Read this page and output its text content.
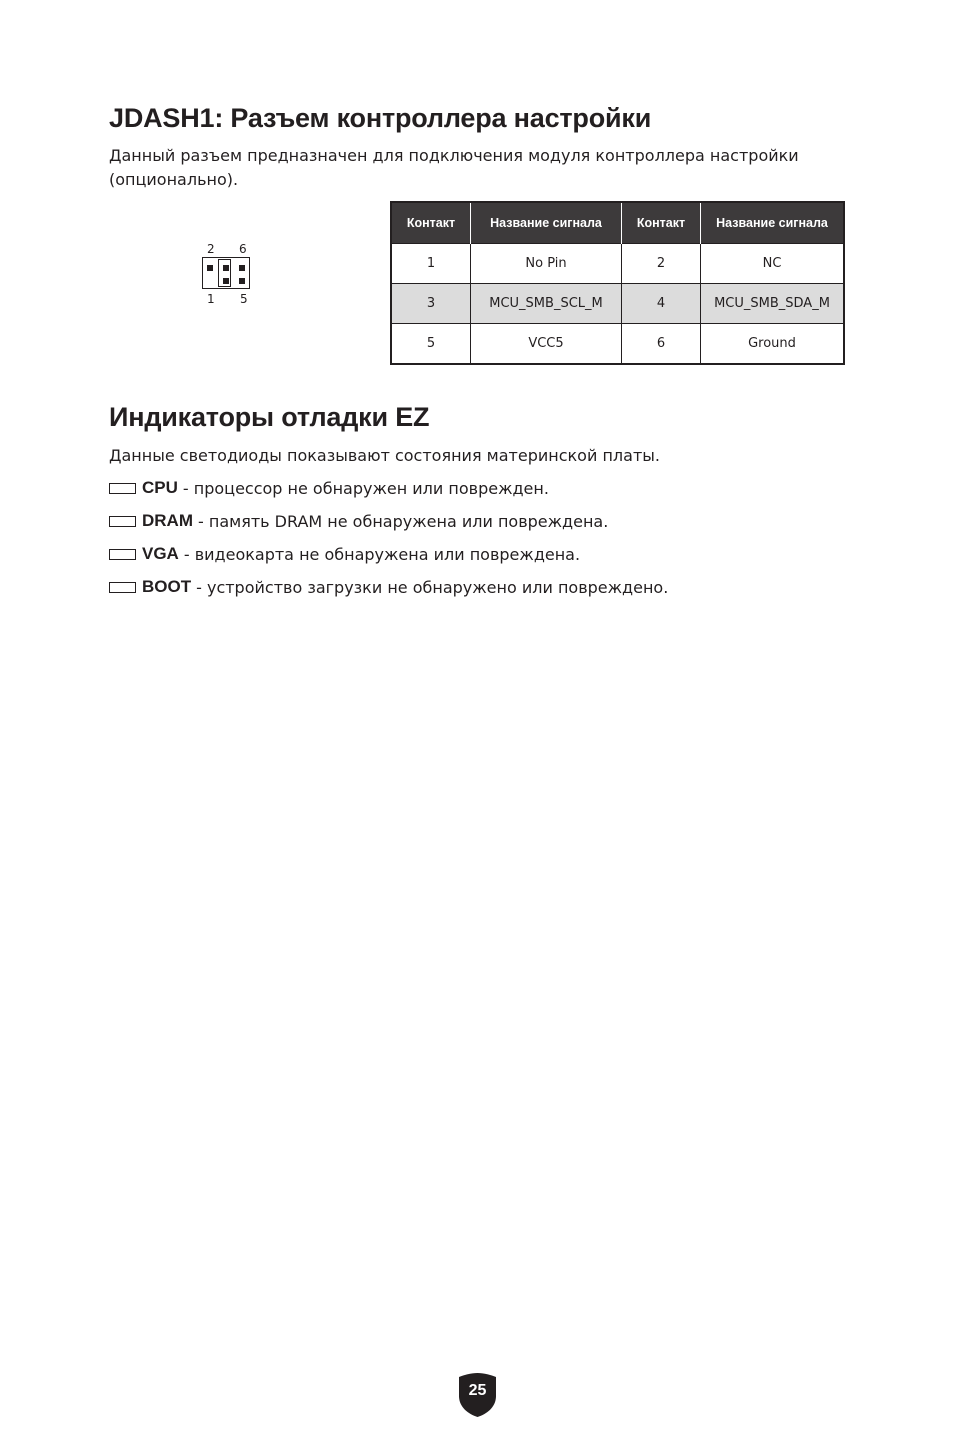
JDASH1: Разъем контроллера настройки

Данный разъем предназначен для подключения модуля контроллера настройки (опционально).

2 6
1 5
Контакт	Название сигнала	Контакт	Название сигнала
1	No Pin	2	NC
3	MCU_SMB_SCL_M	4	MCU_SMB_SDA_M
5	VCC5	6	Ground
Индикаторы отладки EZ

Данные светодиоды показывают состояния материнской платы.

CPU - процессор не обнаружен или поврежден.
DRAM - память DRAM не обнаружена или повреждена.
VGA - видеокарта не обнаружена или повреждена.
BOOT - устройство загрузки не обнаружено или повреждено.
25
